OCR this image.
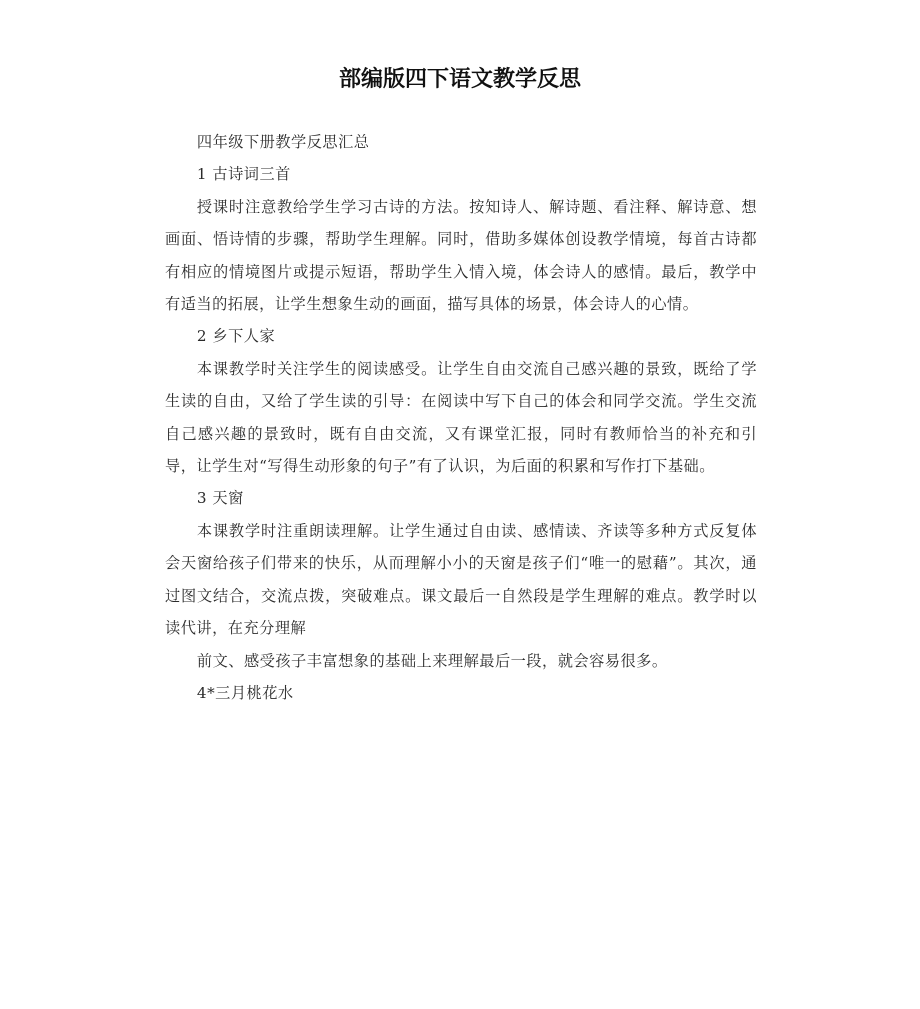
部编版四下语文教学反思

四年级下册教学反思汇总

1 古诗词三首

授课时注意教给学生学习古诗的方法。按知诗人、解诗题、看注释、解诗意、想画面、悟诗情的步骤，帮助学生理解。同时，借助多媒体创设教学情境，每首古诗都有相应的情境图片或提示短语，帮助学生入情入境，体会诗人的感情。最后，教学中有适当的拓展，让学生想象生动的画面，描写具体的场景，体会诗人的心情。

2 乡下人家

本课教学时关注学生的阅读感受。让学生自由交流自己感兴趣的景致，既给了学生读的自由，又给了学生读的引导：在阅读中写下自己的体会和同学交流。学生交流自己感兴趣的景致时，既有自由交流，又有课堂汇报，同时有教师恰当的补充和引导，让学生对“写得生动形象的句子”有了认识，为后面的积累和写作打下基础。

3 天窗

本课教学时注重朗读理解。让学生通过自由读、感情读、齐读等多种方式反复体会天窗给孩子们带来的快乐，从而理解小小的天窗是孩子们“唯一的慰藉”。其次，通过图文结合，交流点拨，突破难点。课文最后一自然段是学生理解的难点。教学时以读代讲，在充分理解

前文、感受孩子丰富想象的基础上来理解最后一段，就会容易很多。

4*三月桃花水
